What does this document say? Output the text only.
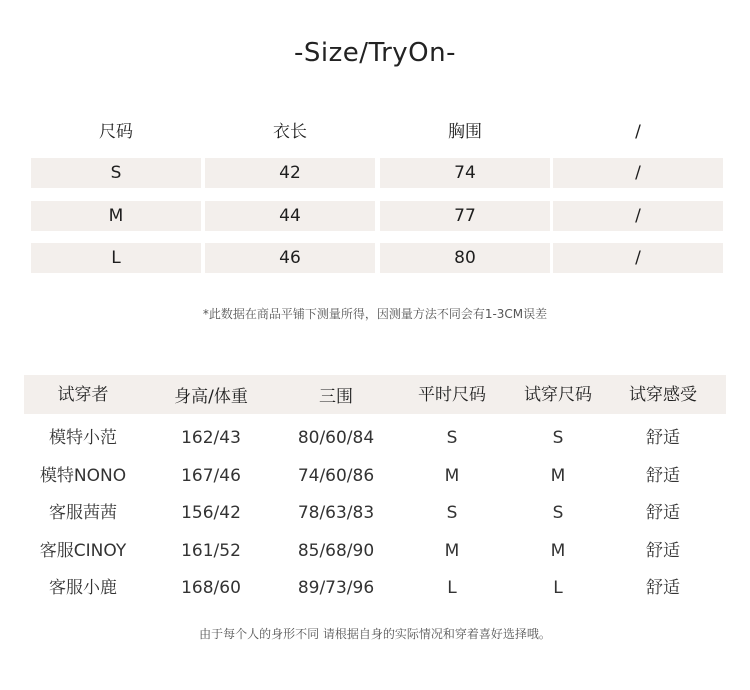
-Size/TryOn-
尺码	衣长	胸围	/
S	42	74	/
M	44	77	/
L	46	80	/
*此数据在商品平铺下测量所得，因测量方法不同会有1-3CM误差
试穿者	身高/体重	三围	平时尺码	试穿尺码	试穿感受
模特小范	162/43	80/60/84	S	S	舒适
模特NONO	167/46	74/60/86	M	M	舒适
客服茜茜	156/42	78/63/83	S	S	舒适
客服CINOY	161/52	85/68/90	M	M	舒适
客服小鹿	168/60	89/73/96	L	L	舒适
由于每个人的身形不同 请根据自身的实际情况和穿着喜好选择哦。
